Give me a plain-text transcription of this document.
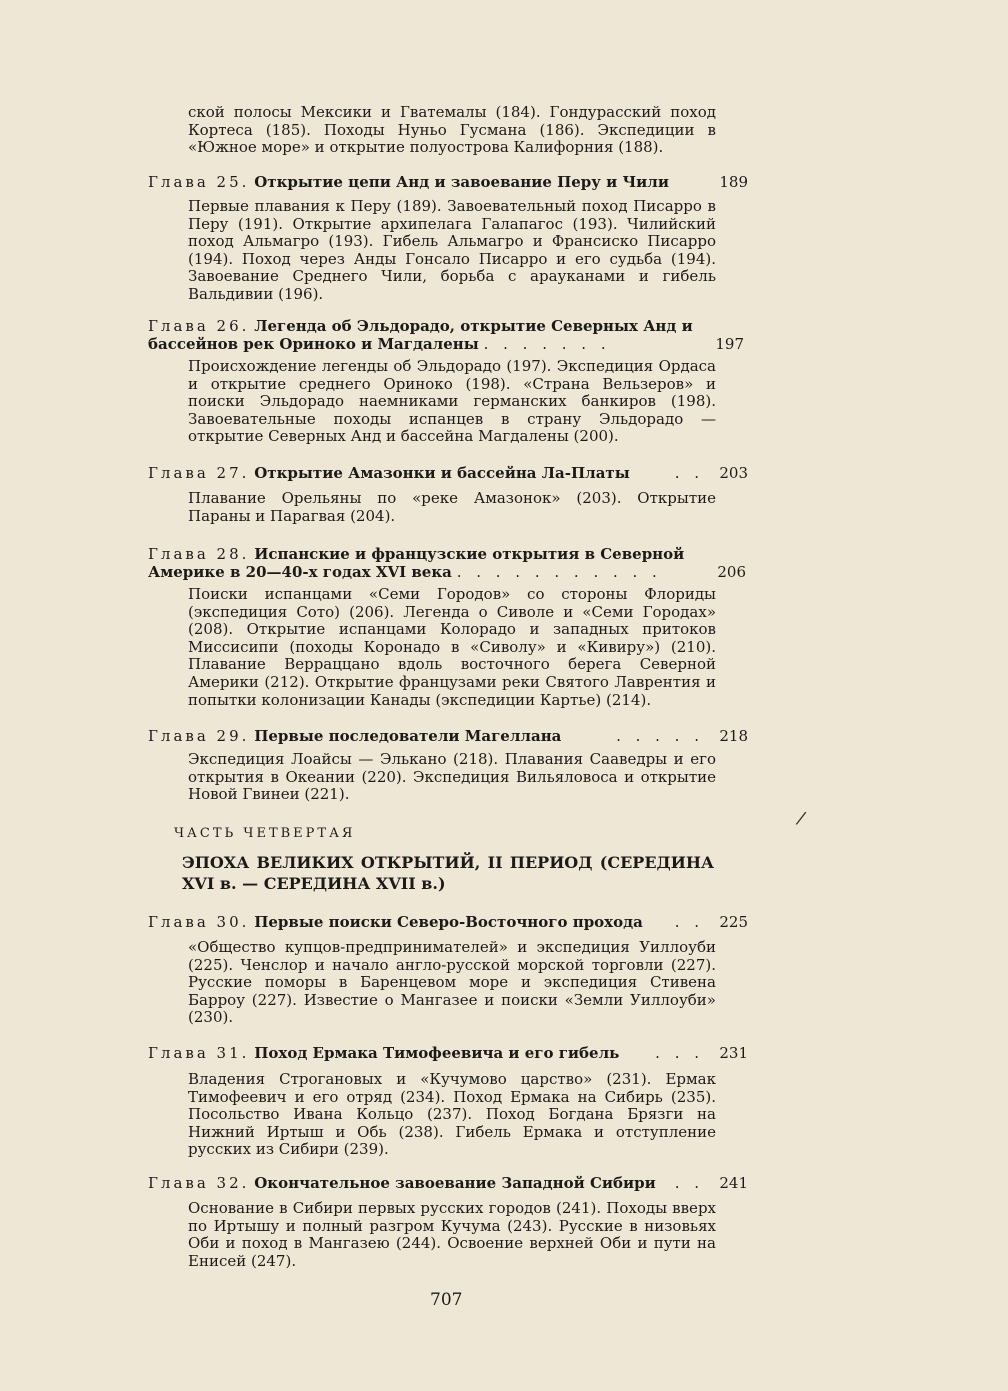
ской полосы Мексики и Гватемалы (184). Гондурасский поход Кортеса (185). Походы Нуньо Гусмана (186). Экспедиции в «Южное море» и открытие полуострова Калифорния (188).

Глава 25. Открытие цепи Анд и завоевание Перу и Чили	189

Первые плавания к Перу (189). Завоевательный поход Писарро в Перу (191). Открытие архипелага Галапагос (193). Чилийский поход Альмагро (193). Гибель Альмагро и Франсиско Писарро (194). Поход через Анды Гонсало Писарро и его судьба (194). Завоевание Среднего Чили, борьба с арауканами и гибель Вальдивии (196).

Глава 26. Легенда об Эльдорадо, открытие Северных Анд и бассейнов рек Ориноко и Магдалены . . . . . . .	197

Происхождение легенды об Эльдорадо (197). Экспедиция Ордаса и открытие среднего Ориноко (198). «Страна Вельзеров» и поиски Эльдорадо наемниками германских банкиров (198). Завоевательные походы испанцев в страну Эльдорадо — открытие Северных Анд и бассейна Магдалены (200).

Глава 27. Открытие Амазонки и бассейна Ла-Платы	. . 203

Плавание Орельяны по «реке Амазонок» (203). Открытие Параны и Парагвая (204).

Глава 28. Испанские и французские открытия в Северной Америке в 20—40-х годах XVI века . . . . . . . . . . .	206

Поиски испанцами «Семи Городов» со стороны Флориды (экспедиция Сото) (206). Легенда о Сиволе и «Семи Городах» (208). Открытие испанцами Колорадо и западных притоков Миссисипи (походы Коронадо в «Сиволу» и «Кивиру») (210). Плавание Верраццано вдоль восточного берега Северной Америки (212). Открытие французами реки Святого Лаврентия и попытки колонизации Канады (экспедиции Картье) (214).

Глава 29. Первые последователи Магеллана	. . . . . 218

Экспедиция Лоайсы — Элькано (218). Плавания Сааведры и его открытия в Океании (220). Экспедиция Вильяловоса и открытие Новой Гвинеи (221).

ЧАСТЬ ЧЕТВЕРТАЯ

ЭПОХА ВЕЛИКИХ ОТКРЫТИЙ, II ПЕРИОД (СЕРЕДИНА XVI в. — СЕРЕДИНА XVII в.)

Глава 30. Первые поиски Северо-Восточного прохода . . 225

«Общество купцов-предпринимателей» и экспедиция Уиллоуби (225). Ченслор и начало англо-русской морской торговли (227). Русские поморы в Баренцевом море и экспедиция Стивена Барроу (227). Известие о Мангазее и поиски «Земли Уиллоуби» (230).

Глава 31. Поход Ермака Тимофеевича и его гибель . . . 231

Владения Строгановых и «Кучумово царство» (231). Ермак Тимофеевич и его отряд (234). Поход Ермака на Сибирь (235). Посольство Ивана Кольцо (237). Поход Богдана Брязги на Нижний Иртыш и Обь (238). Гибель Ермака и отступление русских из Сибири (239).

Глава 32. Окончательное завоевание Западной Сибири . . 241

Основание в Сибири первых русских городов (241). Походы вверх по Иртышу и полный разгром Кучума (243). Русские в низовьях Оби и поход в Мангазею (244). Освоение верхней Оби и пути на Енисей (247).

707

/
